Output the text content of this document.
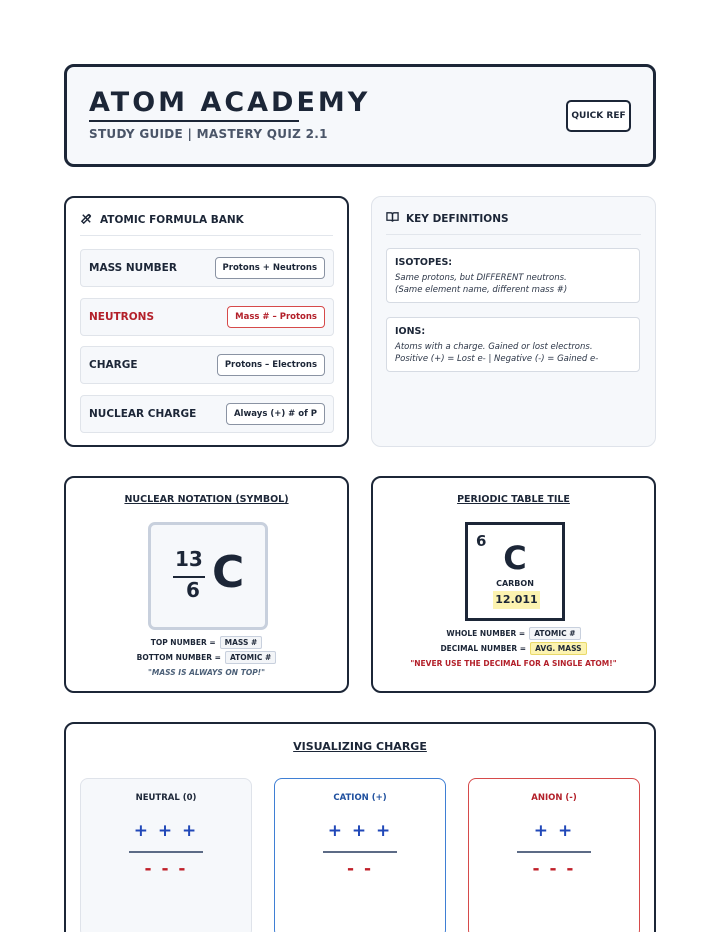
ATOM ACADEMY
STUDY GUIDE | MASTERY QUIZ 2.1
QUICK REF
ATOMIC FORMULA BANK
MASS NUMBER	Protons + Neutrons
NEUTRONS	Mass # – Protons
CHARGE	Protons – Electrons
NUCLEAR CHARGE	Always (+) # of P
KEY DEFINITIONS
ISOTOPES:
Same protons, but DIFFERENT neutrons.
(Same element name, different mass #)
IONS:
Atoms with a charge. Gained or lost electrons.
Positive (+) = Lost e- | Negative (-) = Gained e-
NUCLEAR NOTATION (SYMBOL)
13
6 C
TOP NUMBER =	MASS #
BOTTOM NUMBER =	ATOMIC #
"MASS IS ALWAYS ON TOP!"
PERIODIC TABLE TILE
6 C
CARBON
12.011
WHOLE NUMBER =	ATOMIC #
DECIMAL NUMBER =	AVG. MASS
"NEVER USE THE DECIMAL FOR A SINGLE ATOM!"
VISUALIZING CHARGE
NEUTRAL (0)
+ + +
- - -
CATION (+)
+ + +
- -
ANION (-)
+ +
- - -
